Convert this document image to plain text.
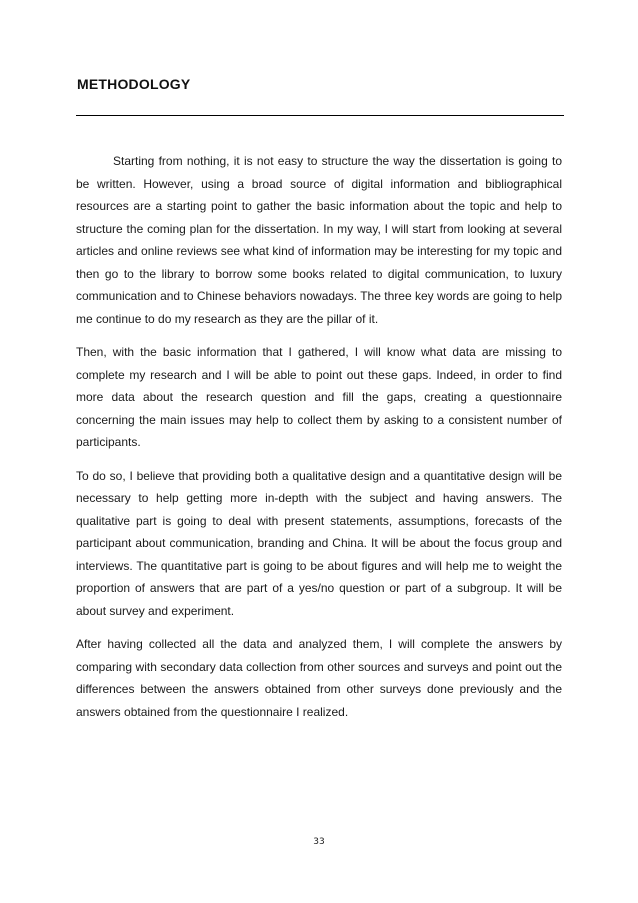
METHODOLOGY

Starting from nothing, it is not easy to structure the way the dissertation is going to be written. However, using a broad source of digital information and bibliographical resources are a starting point to gather the basic information about the topic and help to structure the coming plan for the dissertation. In my way, I will start from looking at several articles and online reviews see what kind of information may be interesting for my topic and then go to the library to borrow some books related to digital communication, to luxury communication and to Chinese behaviors nowadays. The three key words are going to help me continue to do my research as they are the pillar of it.

Then, with the basic information that I gathered, I will know what data are missing to complete my research and I will be able to point out these gaps. Indeed, in order to find more data about the research question and fill the gaps, creating a questionnaire concerning the main issues may help to collect them by asking to a consistent number of participants.

To do so, I believe that providing both a qualitative design and a quantitative design will be necessary to help getting more in-depth with the subject and having answers. The qualitative part is going to deal with present statements, assumptions, forecasts of the participant about communication, branding and China. It will be about the focus group and interviews. The quantitative part is going to be about figures and will help me to weight the proportion of answers that are part of a yes/no question or part of a subgroup. It will be about survey and experiment.

After having collected all the data and analyzed them, I will complete the answers by comparing with secondary data collection from other sources and surveys and point out the differences between the answers obtained from other surveys done previously and the answers obtained from the questionnaire I realized.

33
